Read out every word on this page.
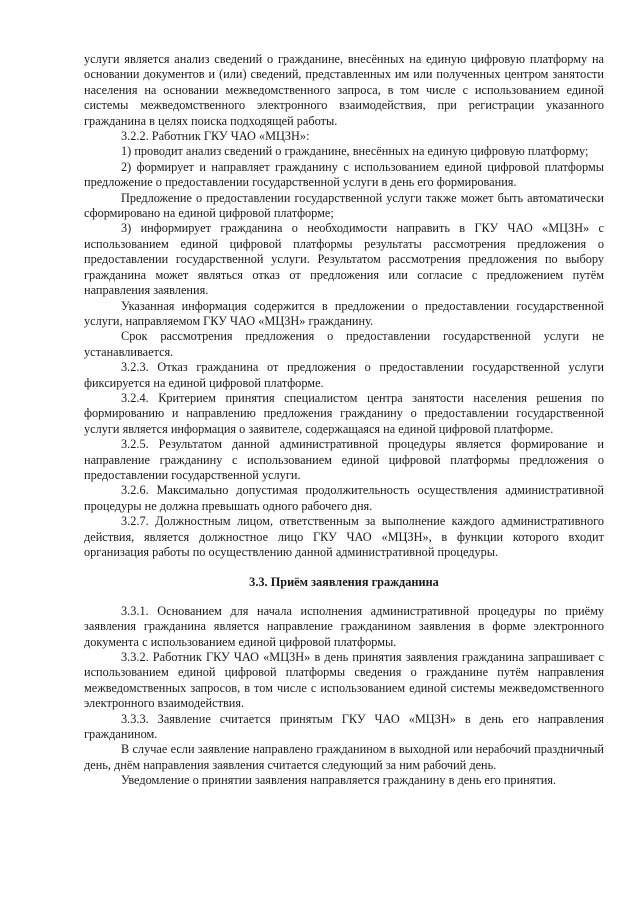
услуги является анализ сведений о гражданине, внесённых на единую цифровую платформу на основании документов и (или) сведений, представленных им или полученных центром занятости населения на основании межведомственного запроса, в том числе с использованием единой системы межведомственного электронного взаимодействия, при регистрации указанного гражданина в целях поиска подходящей работы.

3.2.2. Работник ГКУ ЧАО «МЦЗН»:

1) проводит анализ сведений о гражданине, внесённых на единую цифровую платформу;

2) формирует и направляет гражданину с использованием единой цифровой платформы предложение о предоставлении государственной услуги в день его формирования.

Предложение о предоставлении государственной услуги также может быть автоматически сформировано на единой цифровой платформе;

3) информирует гражданина о необходимости направить в ГКУ ЧАО «МЦЗН» с использованием единой цифровой платформы результаты рассмотрения предложения о предоставлении государственной услуги. Результатом рассмотрения предложения по выбору гражданина может являться отказ от предложения или согласие с предложением путём направления заявления.

Указанная информация содержится в предложении о предоставлении государственной услуги, направляемом ГКУ ЧАО «МЦЗН» гражданину.

Срок рассмотрения предложения о предоставлении государственной услуги не устанавливается.

3.2.3. Отказ гражданина от предложения о предоставлении государственной услуги фиксируется на единой цифровой платформе.

3.2.4. Критерием принятия специалистом центра занятости населения решения по формированию и направлению предложения гражданину о предоставлении государственной услуги является информация о заявителе, содержащаяся на единой цифровой платформе.

3.2.5. Результатом данной административной процедуры является формирование и направление гражданину с использованием единой цифровой платформы предложения о предоставлении государственной услуги.

3.2.6. Максимально допустимая продолжительность осуществления административной процедуры не должна превышать одного рабочего дня.

3.2.7. Должностным лицом, ответственным за выполнение каждого административного действия, является должностное лицо ГКУ ЧАО «МЦЗН», в функции которого входит организация работы по осуществлению данной административной процедуры.

3.3. Приём заявления гражданина

3.3.1. Основанием для начала исполнения административной процедуры по приёму заявления гражданина является направление гражданином заявления в форме электронного документа с использованием единой цифровой платформы.

3.3.2. Работник ГКУ ЧАО «МЦЗН» в день принятия заявления гражданина запрашивает с использованием единой цифровой платформы сведения о гражданине путём направления межведомственных запросов, в том числе с использованием единой системы межведомственного электронного взаимодействия.

3.3.3. Заявление считается принятым ГКУ ЧАО «МЦЗН» в день его направления гражданином.

В случае если заявление направлено гражданином в выходной или нерабочий праздничный день, днём направления заявления считается следующий за ним рабочий день.

Уведомление о принятии заявления направляется гражданину в день его принятия.
